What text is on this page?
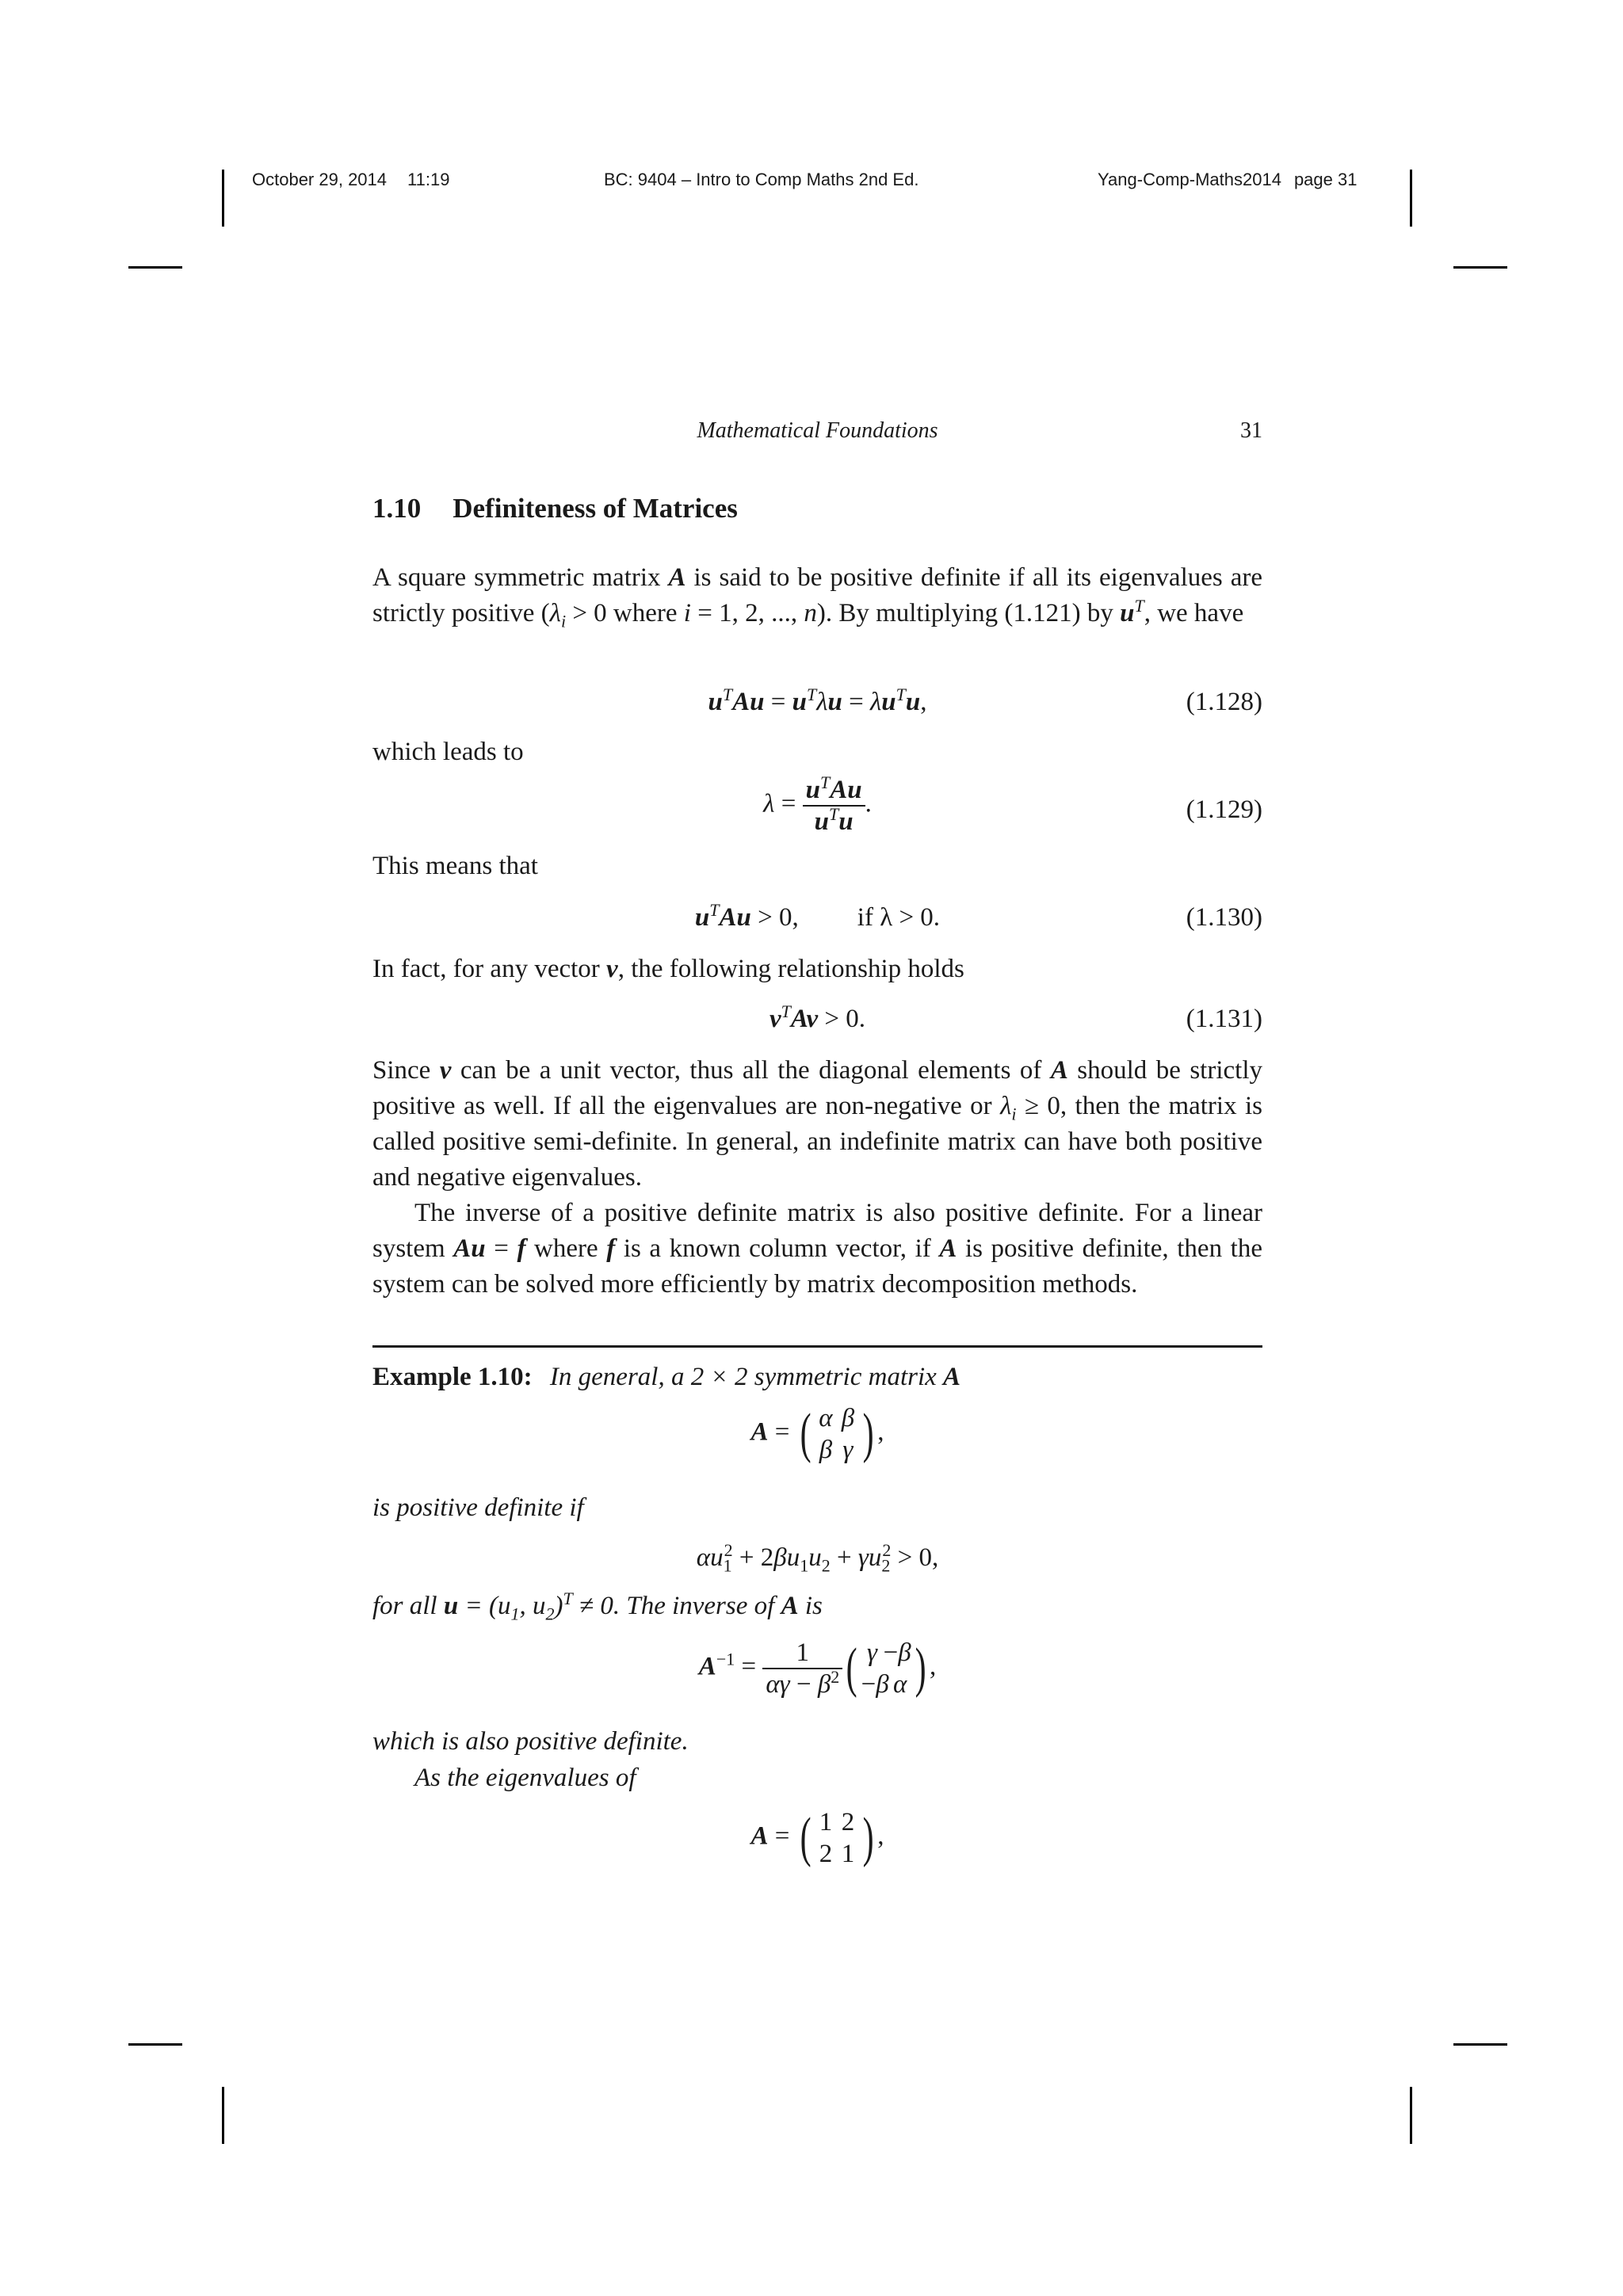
October 29, 2014 11:19	BC: 9404 – Intro to Comp Maths 2nd Ed.	Yang-Comp-Maths2014 page 31
Mathematical Foundations	31
1.10 Definiteness of Matrices

A square symmetric matrix A is said to be positive definite if all its eigenvalues are strictly positive ($\lambda_i > 0$ where i = 1, 2, ..., n). By multiplying (1.121) by $u^T$, we have

$u^TAu = u^T\lambda u = \lambda u^Tu$,	(1.128)
which leads to
$\lambda = \frac{u^TAu}{u^Tu}$ .	(1.129)
This means that
$u^TAu > 0$, if λ > 0.	(1.130)

In fact, for any vector v, the following relationship holds

$v^TAv > 0$.	(1.131)

Since v can be a unit vector, thus all the diagonal elements of A should be strictly positive as well. If all the eigenvalues are non-negative or $\lambda_i \ge 0$, then the matrix is called positive semi-definite. In general, an indefinite matrix can have both positive and negative eigenvalues.

The inverse of a positive definite matrix is also positive definite. For a linear system Au = f where f is a known column vector, if A is positive definite, then the system can be solved more efficiently by matrix decomposition methods.

Example 1.10: In general, a 2 × 2 symmetric matrix A
A = ( α β
β γ ) ,
is positive definite if
$\alpha u_1^2 + 2\beta u_1u_2 + \gamma u_2^2 > 0$,
for all $u = (u_1$, $u_2)^T \ne 0$. The inverse of A is
$A^{-1} = \frac{1}{\alpha\gamma - \beta^2}$ ( γ −β
−β α ) ,
which is also positive definite.
As the eigenvalues of
A = ( 1 2
2 1 ) ,
